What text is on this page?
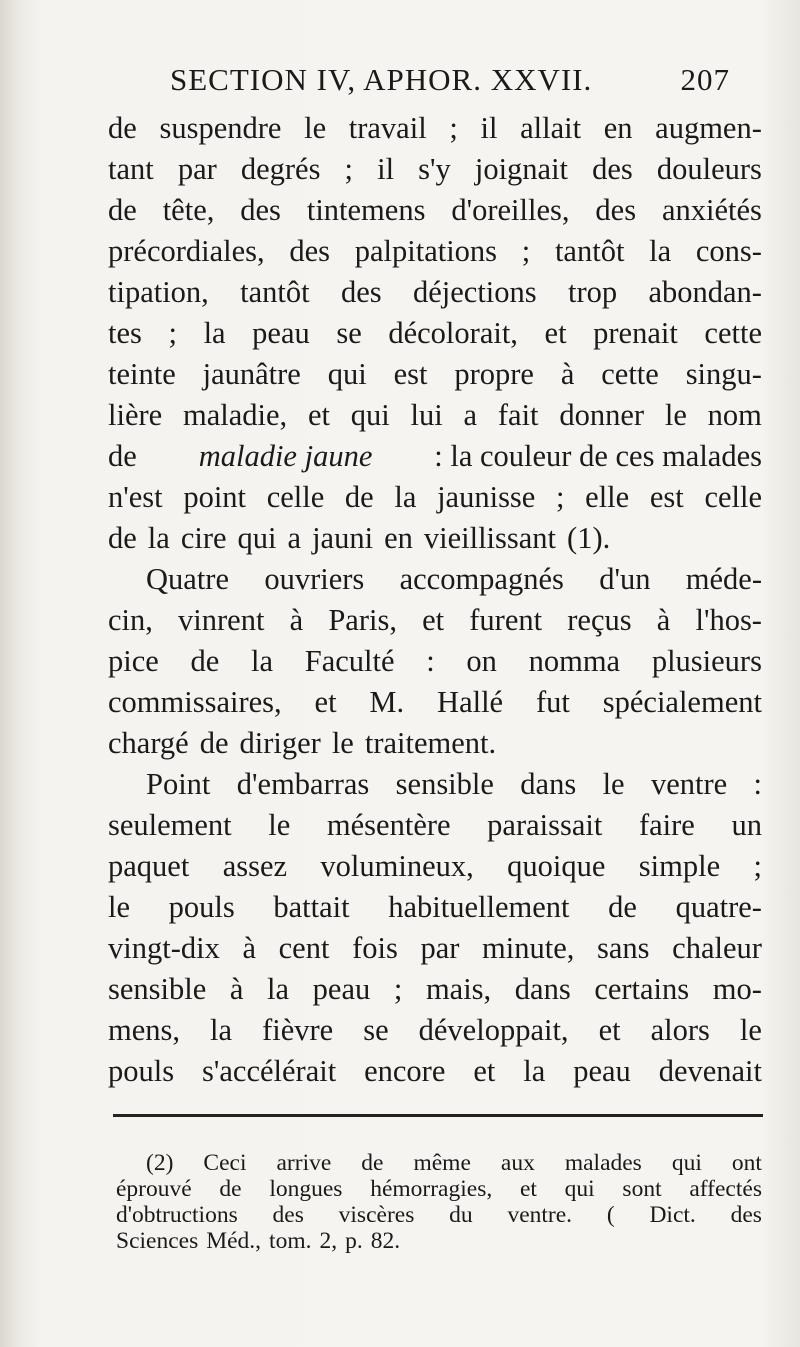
SECTION IV, APHOR. XXVII.	207
de suspendre le travail ; il allait en augmen-
tant par degrés ; il s'y joignait des douleurs
de tête, des tintemens d'oreilles, des anxiétés
précordiales, des palpitations ; tantôt la cons-
tipation, tantôt des déjections trop abondan-
tes ; la peau se décolorait, et prenait cette
teinte jaunâtre qui est propre à cette singu-
lière maladie, et qui lui a fait donner le nom
de maladie jaune : la couleur de ces malades
n'est point celle de la jaunisse ; elle est celle
de la cire qui a jauni en vieillissant (1).
Quatre ouvriers accompagnés d'un méde-
cin, vinrent à Paris, et furent reçus à l'hos-
pice de la Faculté : on nomma plusieurs
commissaires, et M. Hallé fut spécialement
chargé de diriger le traitement.
Point d'embarras sensible dans le ventre :
seulement le mésentère paraissait faire un
paquet assez volumineux, quoique simple ;
le pouls battait habituellement de quatre-
vingt-dix à cent fois par minute, sans chaleur
sensible à la peau ; mais, dans certains mo-
mens, la fièvre se développait, et alors le
pouls s'accélérait encore et la peau devenait
(2) Ceci arrive de même aux malades qui ont
éprouvé de longues hémorragies, et qui sont affectés
d'obtructions des viscères du ventre. ( Dict. des
Sciences Méd., tom. 2, p. 82.
